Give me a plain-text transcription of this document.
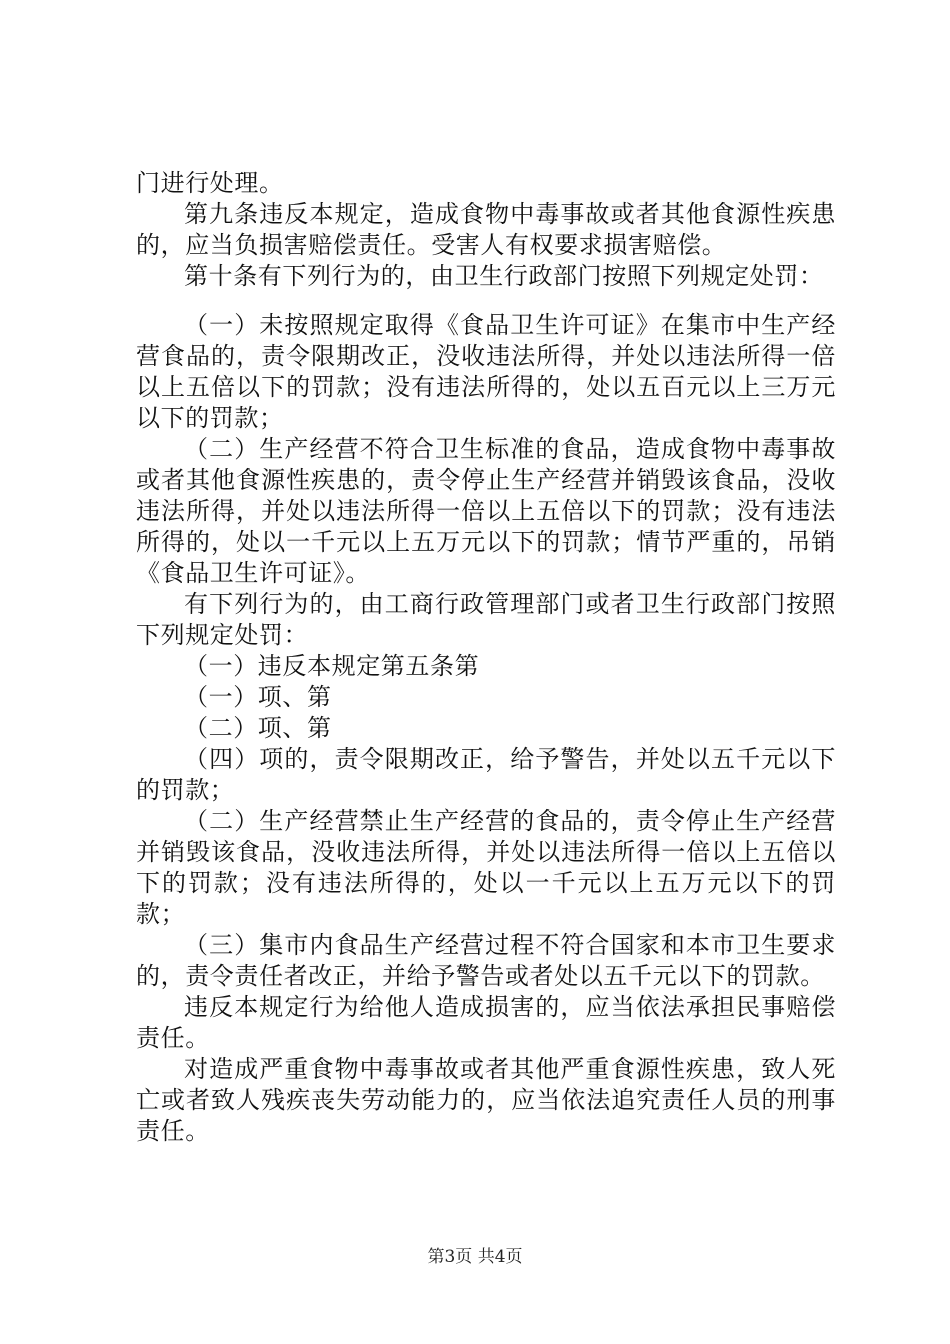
门进行处理。

第九条违反本规定，造成食物中毒事故或者其他食源性疾患的，应当负损害赔偿责任。受害人有权要求损害赔偿。

第十条有下列行为的，由卫生行政部门按照下列规定处罚：

（一）未按照规定取得《食品卫生许可证》在集市中生产经营食品的，责令限期改正，没收违法所得，并处以违法所得一倍以上五倍以下的罚款；没有违法所得的，处以五百元以上三万元以下的罚款；

（二）生产经营不符合卫生标准的食品，造成食物中毒事故或者其他食源性疾患的，责令停止生产经营并销毁该食品，没收违法所得，并处以违法所得一倍以上五倍以下的罚款；没有违法所得的，处以一千元以上五万元以下的罚款；情节严重的，吊销《食品卫生许可证》。

有下列行为的，由工商行政管理部门或者卫生行政部门按照下列规定处罚：

（一）违反本规定第五条第

（一）项、第

（二）项、第

（四）项的，责令限期改正，给予警告，并处以五千元以下的罚款；

（二）生产经营禁止生产经营的食品的，责令停止生产经营并销毁该食品，没收违法所得，并处以违法所得一倍以上五倍以下的罚款；没有违法所得的，处以一千元以上五万元以下的罚款；

（三）集市内食品生产经营过程不符合国家和本市卫生要求的，责令责任者改正，并给予警告或者处以五千元以下的罚款。

违反本规定行为给他人造成损害的，应当依法承担民事赔偿责任。

对造成严重食物中毒事故或者其他严重食源性疾患，致人死亡或者致人残疾丧失劳动能力的，应当依法追究责任人员的刑事责任。

第3页 共4页
